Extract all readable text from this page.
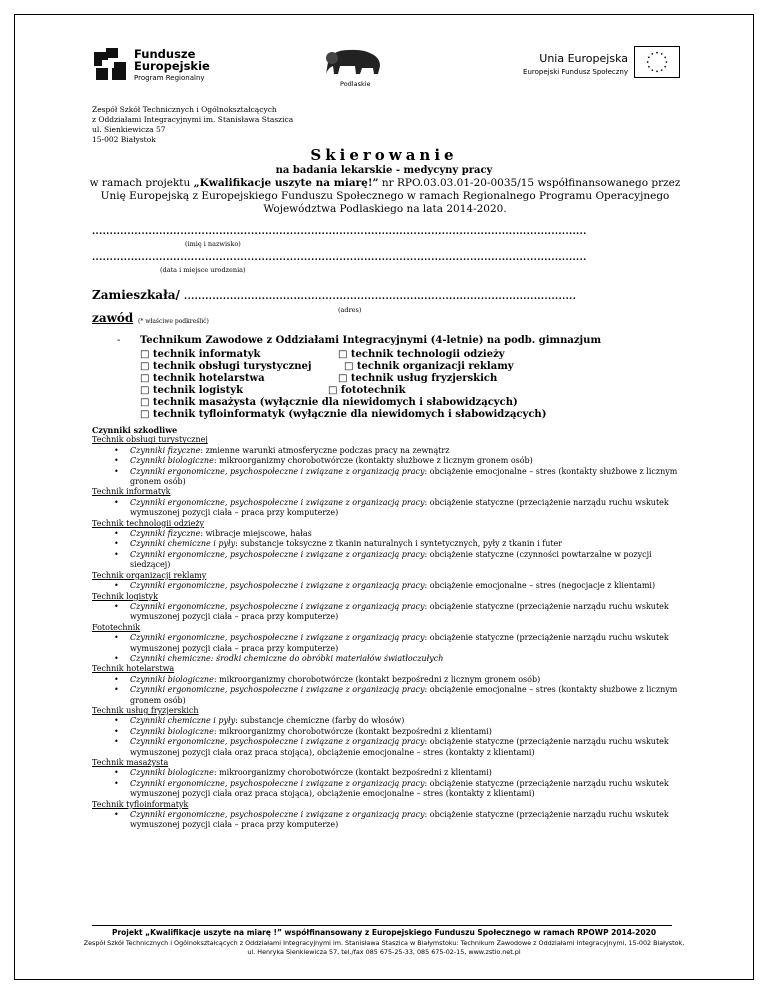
Fundusze
Europejskie
Program Regionalny
Podlaskie
Unia Europejska
Europejski Fundusz Społeczny
Zespół Szkół Technicznych i Ogólnokształcących
z Oddziałami Integracyjnymi im. Stanisława Staszica
ul. Sienkiewicza 57
15-002 Białystok
Skierowanie
na badania lekarskie - medycyny pracy
w ramach projektu „Kwalifikacje uszyte na miarę!” nr RPO.03.03.01-20-0035/15 współfinansowanego przez
Unię Europejską z Europejskiego Funduszu Społecznego w ramach Regionalnego Programu Operacyjnego
Województwa Podlaskiego na lata 2014-2020.
............................................................................................................................................
(imię i nazwisko)
............................................................................................................................................
(data i miejsce urodzenia)
Zamieszkała/ ...............................................................................................................
(adres)
zawód (* właściwe podkreślić)
- Technikum Zawodowe z Oddziałami Integracyjnymi (4-letnie) na podb. gimnazjum
□ technik informatyk	□ technik technologii odzieży
□ technik obsługi turystycznej	□ technik organizacji reklamy
□ technik hotelarstwa	□ technik usług fryzjerskich
□ technik logistyk	□ fototechnik
□ technik masażysta (wyłącznie dla niewidomych i słabowidzących)
□ technik tyfloinformatyk (wyłącznie dla niewidomych i słabowidzących)
Czynniki szkodliwe
Technik obsługi turystycznej
• Czynniki fizyczne: zmienne warunki atmosferyczne podczas pracy na zewnątrz
• Czynniki biologiczne: mikroorganizmy chorobotwórcze (kontakty służbowe z licznym gronem osób)
• Czynniki ergonomiczne, psychospołeczne i związane z organizacją pracy: obciążenie emocjonalne – stres (kontakty służbowe z licznym gronem osób)
Technik informatyk
• Czynniki ergonomiczne, psychospołeczne i związane z organizacją pracy: obciążenie statyczne (przeciążenie narządu ruchu wskutek wymuszonej pozycji ciała – praca przy komputerze)
Technik technologii odzieży
• Czynniki fizyczne: wibracje miejscowe, hałas
• Czynniki chemiczne i pyły: substancje toksyczne z tkanin naturalnych i syntetycznych, pyły z tkanin i futer
• Czynniki ergonomiczne, psychospołeczne i związane z organizacją pracy: obciążenie statyczne (czynności powtarzalne w pozycji siedzącej)
Technik organizacji reklamy
• Czynniki ergonomiczne, psychospołeczne i związane z organizacją pracy: obciążenie emocjonalne – stres (negocjacje z klientami)
Technik logistyk
• Czynniki ergonomiczne, psychospołeczne i związane z organizacją pracy: obciążenie statyczne (przeciążenie narządu ruchu wskutek wymuszonej pozycji ciała – praca przy komputerze)
Fototechnik
• Czynniki ergonomiczne, psychospołeczne i związane z organizacją pracy: obciążenie statyczne (przeciążenie narządu ruchu wskutek wymuszonej pozycji ciała – praca przy komputerze)
• Czynniki chemiczne: środki chemiczne do obróbki materiałów światłoczułych
Technik hotelarstwa
• Czynniki biologiczne: mikroorganizmy chorobotwórcze (kontakt bezpośredni z licznym gronem osób)
• Czynniki ergonomiczne, psychospołeczne i związane z organizacją pracy: obciążenie emocjonalne – stres (kontakty służbowe z licznym gronem osób)
Technik usług fryzjerskich
• Czynniki chemiczne i pyły: substancje chemiczne (farby do włosów)
• Czynniki biologiczne: mikroorganizmy chorobotwórcze (kontakt bezpośredni z klientami)
• Czynniki ergonomiczne, psychospołeczne i związane z organizacją pracy: obciążenie statyczne (przeciążenie narządu ruchu wskutek wymuszonej pozycji ciała oraz praca stojąca), obciążenie emocjonalne – stres (kontakty z klientami)
Technik masażysta
• Czynniki biologiczne: mikroorganizmy chorobotwórcze (kontakt bezpośredni z klientami)
• Czynniki ergonomiczne, psychospołeczne i związane z organizacją pracy: obciążenie statyczne (przeciążenie narządu ruchu wskutek wymuszonej pozycji ciała oraz praca stojąca), obciążenie emocjonalne – stres (kontakty z klientami)
Technik tyfloinformatyk
• Czynniki ergonomiczne, psychospołeczne i związane z organizacją pracy: obciążenie statyczne (przeciążenie narządu ruchu wskutek wymuszonej pozycji ciała – praca przy komputerze)
Projekt „Kwalifikacje uszyte na miarę !” współfinansowany z Europejskiego Funduszu Społecznego w ramach RPOWP 2014-2020
Zespół Szkół Technicznych i Ogólnokształcących z Oddziałami Integracyjnymi im. Stanisława Staszica w Białymstoku: Technikum Zawodowe z Oddziałami Integracyjnymi, 15-002 Białystok, ul. Henryka Sienkiewicza 57, tel./fax 085 675-25-33, 085 675-02-15, www.zstio.net.pl
